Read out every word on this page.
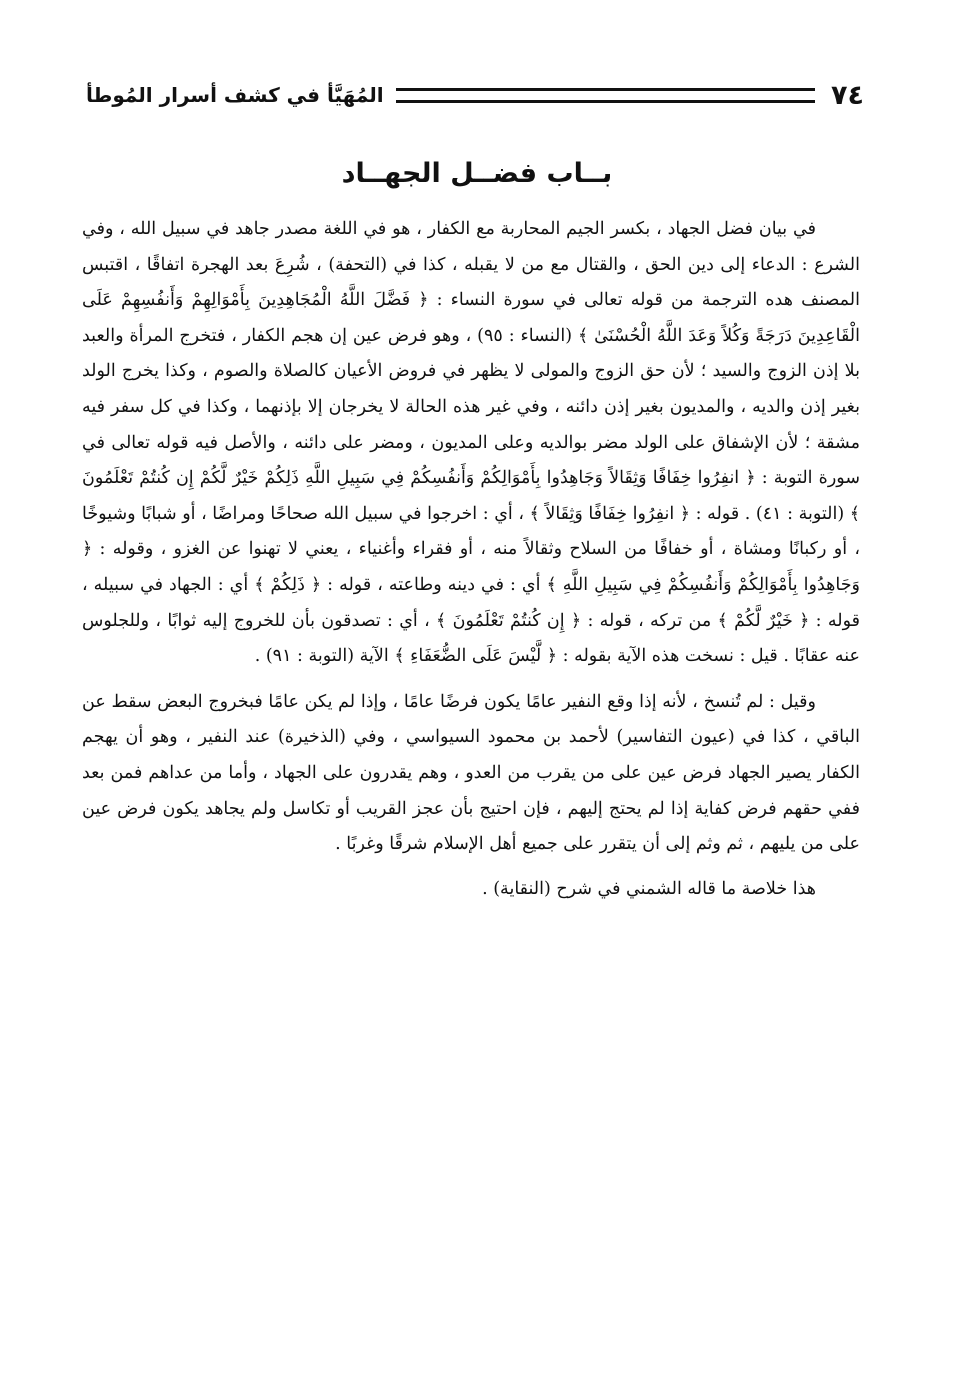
٧٤
المُهَيَّأ في كشف أسرار المُوطأ
بــاب فضــل الجهــاد

في بيان فضل الجهاد ، بكسر الجيم المحاربة مع الكفار ، هو في اللغة مصدر جاهد في سبيل الله ، وفي الشرع : الدعاء إلى دين الحق ، والقتال مع من لا يقبله ، كذا في (التحفة) ، شُرِعَ بعد الهجرة اتفاقًا ، اقتبس المصنف هده الترجمة من قوله تعالى في سورة النساء : ﴿ فَضَّلَ اللَّهُ الْمُجَاهِدِينَ بِأَمْوَالِهِمْ وَأَنفُسِهِمْ عَلَى الْقَاعِدِينَ دَرَجَةً وَكُلاً وَعَدَ اللَّهُ الْحُسْنَىٰ ﴾ (النساء : ٩٥) ، وهو فرض عين إن هجم الكفار ، فتخرج المرأة والعبد بلا إذن الزوج والسيد ؛ لأن حق الزوج والمولى لا يظهر في فروض الأعيان كالصلاة والصوم ، وكذا يخرج الولد بغير إذن والديه ، والمديون بغير إذن دائنه ، وفي غير هذه الحالة لا يخرجان إلا بإذنهما ، وكذا في كل سفر فيه مشقة ؛ لأن الإشفاق على الولد مضر بوالديه وعلى المديون ، ومضر على دائنه ، والأصل فيه قوله تعالى في سورة التوبة : ﴿ انفِرُوا خِفَافًا وَثِقَالاً وَجَاهِدُوا بِأَمْوَالِكُمْ وَأَنفُسِكُمْ فِي سَبِيلِ اللَّهِ ذَلِكُمْ خَيْرٌ لَّكُمْ إِن كُنتُمْ تَعْلَمُونَ ﴾ (التوبة : ٤١) . قوله : ﴿ انفِرُوا خِفَافًا وَثِقَالاً ﴾ ، أي : اخرجوا في سبيل الله صحاحًا ومراضًا ، أو شبابًا وشيوخًا ، أو ركبانًا ومشاة ، أو خفافًا من السلاح وثقالاً منه ، أو فقراء وأغنياء ، يعني لا تهنوا عن الغزو ، وقوله : ﴿ وَجَاهِدُوا بِأَمْوَالِكُمْ وَأَنفُسِكُمْ فِي سَبِيلِ اللَّهِ ﴾ أي : في دينه وطاعته ، قوله : ﴿ ذَلِكُمْ ﴾ أي : الجهاد في سبيله ، قوله : ﴿ خَيْرٌ لَّكُمْ ﴾ من تركه ، قوله : ﴿ إِن كُنتُمْ تَعْلَمُونَ ﴾ ، أي : تصدقون بأن للخروج إليه ثوابًا ، وللجلوس عنه عقابًا . قيل : نسخت هذه الآية بقوله : ﴿ لَّيْسَ عَلَى الضُّعَفَاءِ ﴾ الآية (التوبة : ٩١) .

وقيل : لم تُنسخ ، لأنه إذا وقع النفير عامًا يكون فرضًا عامًا ، وإذا لم يكن عامًا فبخروج البعض سقط عن الباقي ، كذا في (عيون التفاسير) لأحمد بن محمود السيواسي ، وفي (الذخيرة) عند النفير ، وهو أن يهجم الكفار يصير الجهاد فرض عين على من يقرب من العدو ، وهم يقدرون على الجهاد ، وأما من عداهم فمن بعد ففي حقهم فرض كفاية إذا لم يحتج إليهم ، فإن احتيج بأن عجز القريب أو تكاسل ولم يجاهد يكون فرض عين على من يليهم ، ثم وثم إلى أن يتقرر على جميع أهل الإسلام شرقًا وغربًا .

هذا خلاصة ما قاله الشمني في شرح (النقاية) .
